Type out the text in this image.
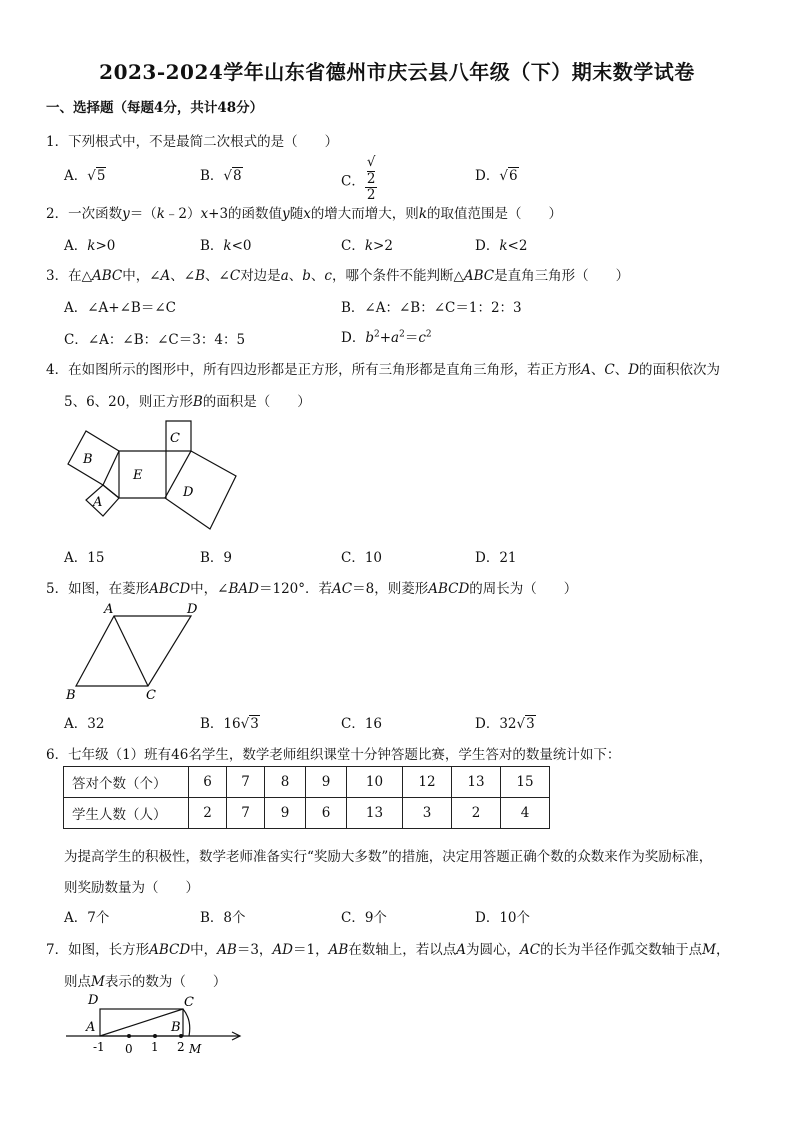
2023-2024学年山东省德州市庆云县八年级（下）期末数学试卷
一、选择题（每题4分，共计48分）
1．下列根式中，不是最简二次根式的是（　　）
A．√5	B．√8	C． √
2
2	D．√6
2．一次函数y＝（k﹣2）x+3的函数值y随x的增大而增大，则k的取值范围是（　　）
A．k>0	B．k<0	C．k>2	D．k<2
3．在△ABC中，∠A、∠B、∠C对边是a、b、c，哪个条件不能判断△ABC是直角三角形（　　）
A．∠A+∠B＝∠C	B．∠A：∠B：∠C＝1：2：3
C．∠A：∠B：∠C＝3：4：5	D．$b^2+a^2=c^2$
4．在如图所示的图形中，所有四边形都是正方形，所有三角形都是直角三角形，若正方形A、C、D的面积依次为
5、6、20，则正方形B的面积是（　　）
B
E
C
D
A
A．15	B．9	C．10	D．21
5．如图，在菱形ABCD中，∠BAD＝120°．若AC＝8，则菱形ABCD的周长为（　　）
A	D
B	C
A．32	B．16√3	C．16	D．32√3
6．七年级（1）班有46名学生，数学老师组织课堂十分钟答题比赛，学生答对的数量统计如下：
答对个数（个）	6	7	8	9	10	12	13	15
学生人数（人）	2	7	9	6	13	3	2	4
为提高学生的积极性，数学老师准备实行“奖励大多数”的措施，决定用答题正确个数的众数来作为奖励标准，
则奖励数量为（　　）
A．7个	B．8个	C．9个	D．10个
7．如图，长方形ABCD中，AB＝3，AD＝1，AB在数轴上，若以点A为圆心，AC的长为半径作弧交数轴于点M，
则点M表示的数为（　　）
D	C
A	B
-1 0 1 2 M
